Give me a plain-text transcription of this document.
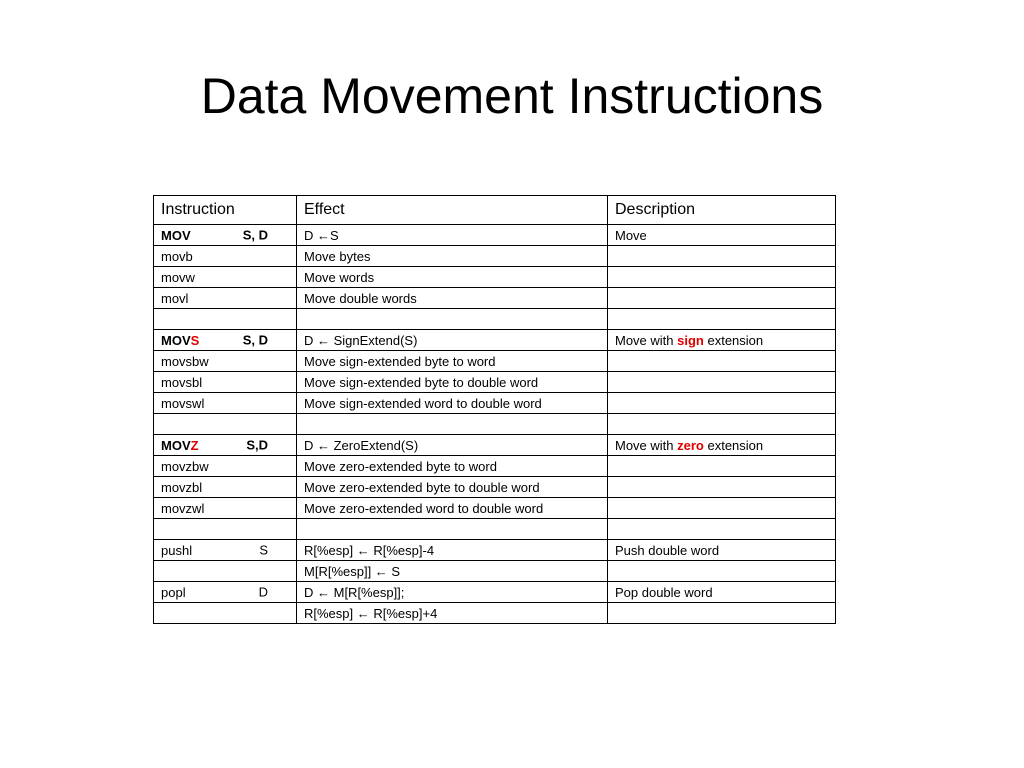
Data Movement Instructions
Instruction	Effect	Description
MOV S, D	D ←S	Move
movb	Move bytes	
movw	Move words	
movl	Move double words	

MOVS S, D	D ← SignExtend(S)	Move with sign extension
movsbw	Move sign-extended byte to word	
movsbl	Move sign-extended byte to double word	
movswl	Move sign-extended word to double word	

MOVZ S,D	D ← ZeroExtend(S)	Move with zero extension
movzbw	Move zero-extended byte to word	
movzbl	Move zero-extended byte to double word	
movzwl	Move zero-extended word to double word	

pushl S	R[%esp] ← R[%esp]-4	Push double word
	M[R[%esp]] ← S	
popl D	D ← M[R[%esp]];	Pop double word
	R[%esp] ← R[%esp]+4	
